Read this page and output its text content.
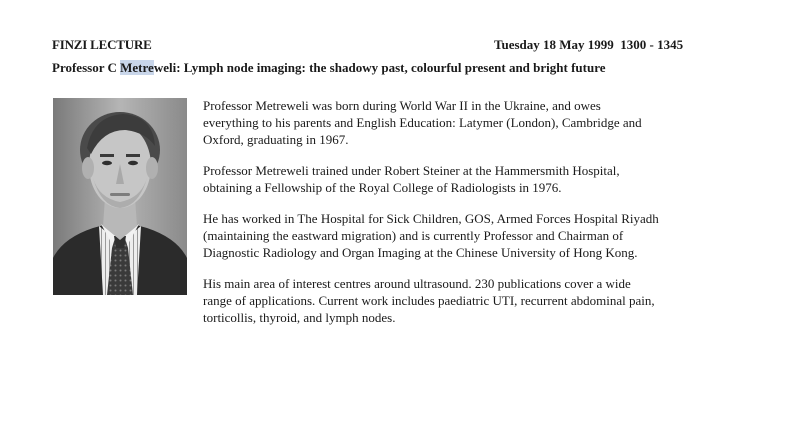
FINZI LECTURE	Tuesday 18 May 1999  1300 - 1345
Professor C Metreweli: Lymph node imaging: the shadowy past, colourful present and bright future

Professor Metreweli was born during World War II in the Ukraine, and owes
everything to his parents and English Education: Latymer (London), Cambridge and
Oxford, graduating in 1967.

Professor Metreweli trained under Robert Steiner at the Hammersmith Hospital,
obtaining a Fellowship of the Royal College of Radiologists in 1976.

He has worked in The Hospital for Sick Children, GOS, Armed Forces Hospital Riyadh
(maintaining the eastward migration) and is currently Professor and Chairman of
Diagnostic Radiology and Organ Imaging at the Chinese University of Hong Kong.

His main area of interest centres around ultrasound. 230 publications cover a wide
range of applications. Current work includes paediatric UTI, recurrent abdominal pain,
torticollis, thyroid, and lymph nodes.
